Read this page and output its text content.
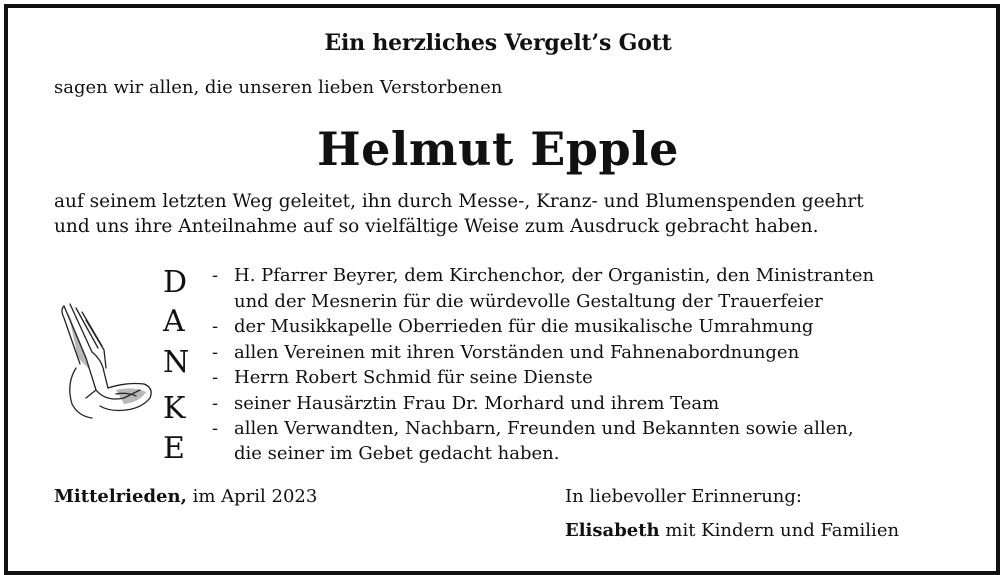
Ein herzliches Vergelt’s Gott
sagen wir allen, die unseren lieben Verstorbenen
Helmut Epple
auf seinem letzten Weg geleitet, ihn durch Messe-, Kranz- und Blumenspenden geehrt
und uns ihre Anteilnahme auf so vielfältige Weise zum Ausdruck gebracht haben.
D
A
N
K
E
- H. Pfarrer Beyrer, dem Kirchenchor, der Organistin, den Ministranten
und der Mesnerin für die würdevolle Gestaltung der Trauerfeier
- der Musikkapelle Oberrieden für die musikalische Umrahmung
- allen Vereinen mit ihren Vorständen und Fahnenabordnungen
- Herrn Robert Schmid für seine Dienste
- seiner Hausärztin Frau Dr. Morhard und ihrem Team
- allen Verwandten, Nachbarn, Freunden und Bekannten sowie allen,
die seiner im Gebet gedacht haben.
Mittelrieden, im April 2023	In liebevoller Erinnerung:
Elisabeth mit Kindern und Familien
